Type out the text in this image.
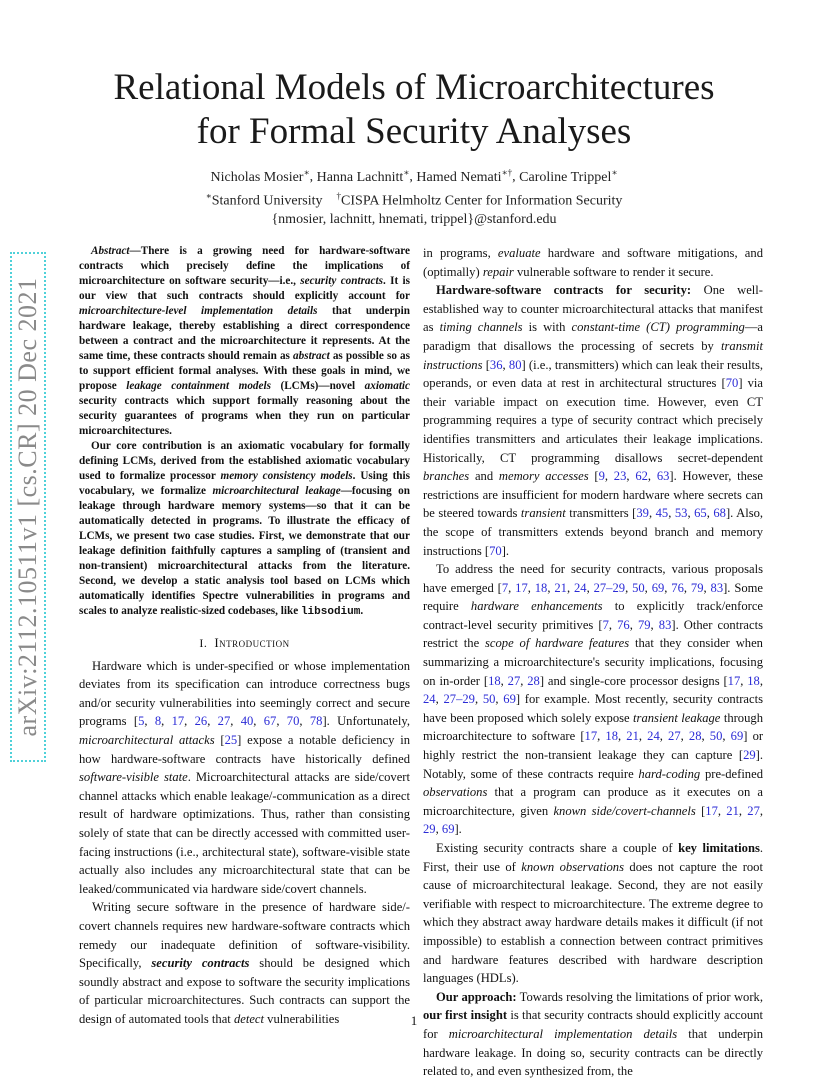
Relational Models of Microarchitectures
for Formal Security Analyses
Nicholas Mosier∗, Hanna Lachnitt∗, Hamed Nemati∗†, Caroline Trippel∗
∗Stanford University †CISPA Helmholtz Center for Information Security
{nmosier, lachnitt, hnemati, trippel}@stanford.edu
arXiv:2112.10511v1 [cs.CR] 20 Dec 2021

Abstract—There is a growing need for hardware-software contracts which precisely define the implications of microarchitecture on software security—i.e., security contracts. It is our view that such contracts should explicitly account for microarchitecture-level implementation details that underpin hardware leakage, thereby establishing a direct correspondence between a contract and the microarchitecture it represents. At the same time, these contracts should remain as abstract as possible so as to support efficient formal analyses. With these goals in mind, we propose leakage containment models (LCMs)—novel axiomatic security contracts which support formally reasoning about the security guarantees of programs when they run on particular microarchitectures.

Our core contribution is an axiomatic vocabulary for formally defining LCMs, derived from the established axiomatic vocabulary used to formalize processor memory consistency models. Using this vocabulary, we formalize microarchitectural leakage—focusing on leakage through hardware memory systems—so that it can be automatically detected in programs. To illustrate the efficacy of LCMs, we present two case studies. First, we demonstrate that our leakage definition faithfully captures a sampling of (transient and non-transient) microarchitectural attacks from the literature. Second, we develop a static analysis tool based on LCMs which automatically identifies Spectre vulnerabilities in programs and scales to analyze realistic-sized codebases, like libsodium.

I. Introduction

Hardware which is under-specified or whose implementation deviates from its specification can introduce correctness bugs and/or security vulnerabilities into seemingly correct and secure programs [5, 8, 17, 26, 27, 40, 67, 70, 78]. Unfortunately, microarchitectural attacks [25] expose a notable deficiency in how hardware-software contracts have historically defined software-visible state. Microarchitectural attacks are side/covert channel attacks which enable leakage/-communication as a direct result of hardware optimizations. Thus, rather than consisting solely of state that can be directly accessed with committed user-facing instructions (i.e., architectural state), software-visible state actually also includes any microarchitectural state that can be leaked/communicated via hardware side/covert channels.

Writing secure software in the presence of hardware side/-covert channels requires new hardware-software contracts which remedy our inadequate definition of software-visibility. Specifically, security contracts should be designed which soundly abstract and expose to software the security implications of particular microarchitectures. Such contracts can support the design of automated tools that detect vulnerabilities

in programs, evaluate hardware and software mitigations, and (optimally) repair vulnerable software to render it secure.

Hardware-software contracts for security: One well-established way to counter microarchitectural attacks that manifest as timing channels is with constant-time (CT) programming—a paradigm that disallows the processing of secrets by transmit instructions [36, 80] (i.e., transmitters) which can leak their results, operands, or even data at rest in architectural structures [70] via their variable impact on execution time. However, even CT programming requires a type of security contract which precisely identifies transmitters and articulates their leakage implications. Historically, CT programming disallows secret-dependent branches and memory accesses [9, 23, 62, 63]. However, these restrictions are insufficient for modern hardware where secrets can be steered towards transient transmitters [39, 45, 53, 65, 68]. Also, the scope of transmitters extends beyond branch and memory instructions [70].

To address the need for security contracts, various proposals have emerged [7, 17, 18, 21, 24, 27–29, 50, 69, 76, 79, 83]. Some require hardware enhancements to explicitly track/enforce contract-level security primitives [7, 76, 79, 83]. Other contracts restrict the scope of hardware features that they consider when summarizing a microarchitecture's security implications, focusing on in-order [18, 27, 28] and single-core processor designs [17, 18, 24, 27–29, 50, 69] for example. Most recently, security contracts have been proposed which solely expose transient leakage through microarchitecture to software [17, 18, 21, 24, 27, 28, 50, 69] or highly restrict the non-transient leakage they can capture [29]. Notably, some of these contracts require hard-coding pre-defined observations that a program can produce as it executes on a microarchitecture, given known side/covert-channels [17, 21, 27, 29, 69].

Existing security contracts share a couple of key limitations. First, their use of known observations does not capture the root cause of microarchitectural leakage. Second, they are not easily verifiable with respect to microarchitecture. The extreme degree to which they abstract away hardware details makes it difficult (if not impossible) to establish a connection between contract primitives and hardware features described with hardware description languages (HDLs).

Our approach: Towards resolving the limitations of prior work, our first insight is that security contracts should explicitly account for microarchitectural implementation details that underpin hardware leakage. In doing so, security contracts can be directly related to, and even synthesized from, the

1
